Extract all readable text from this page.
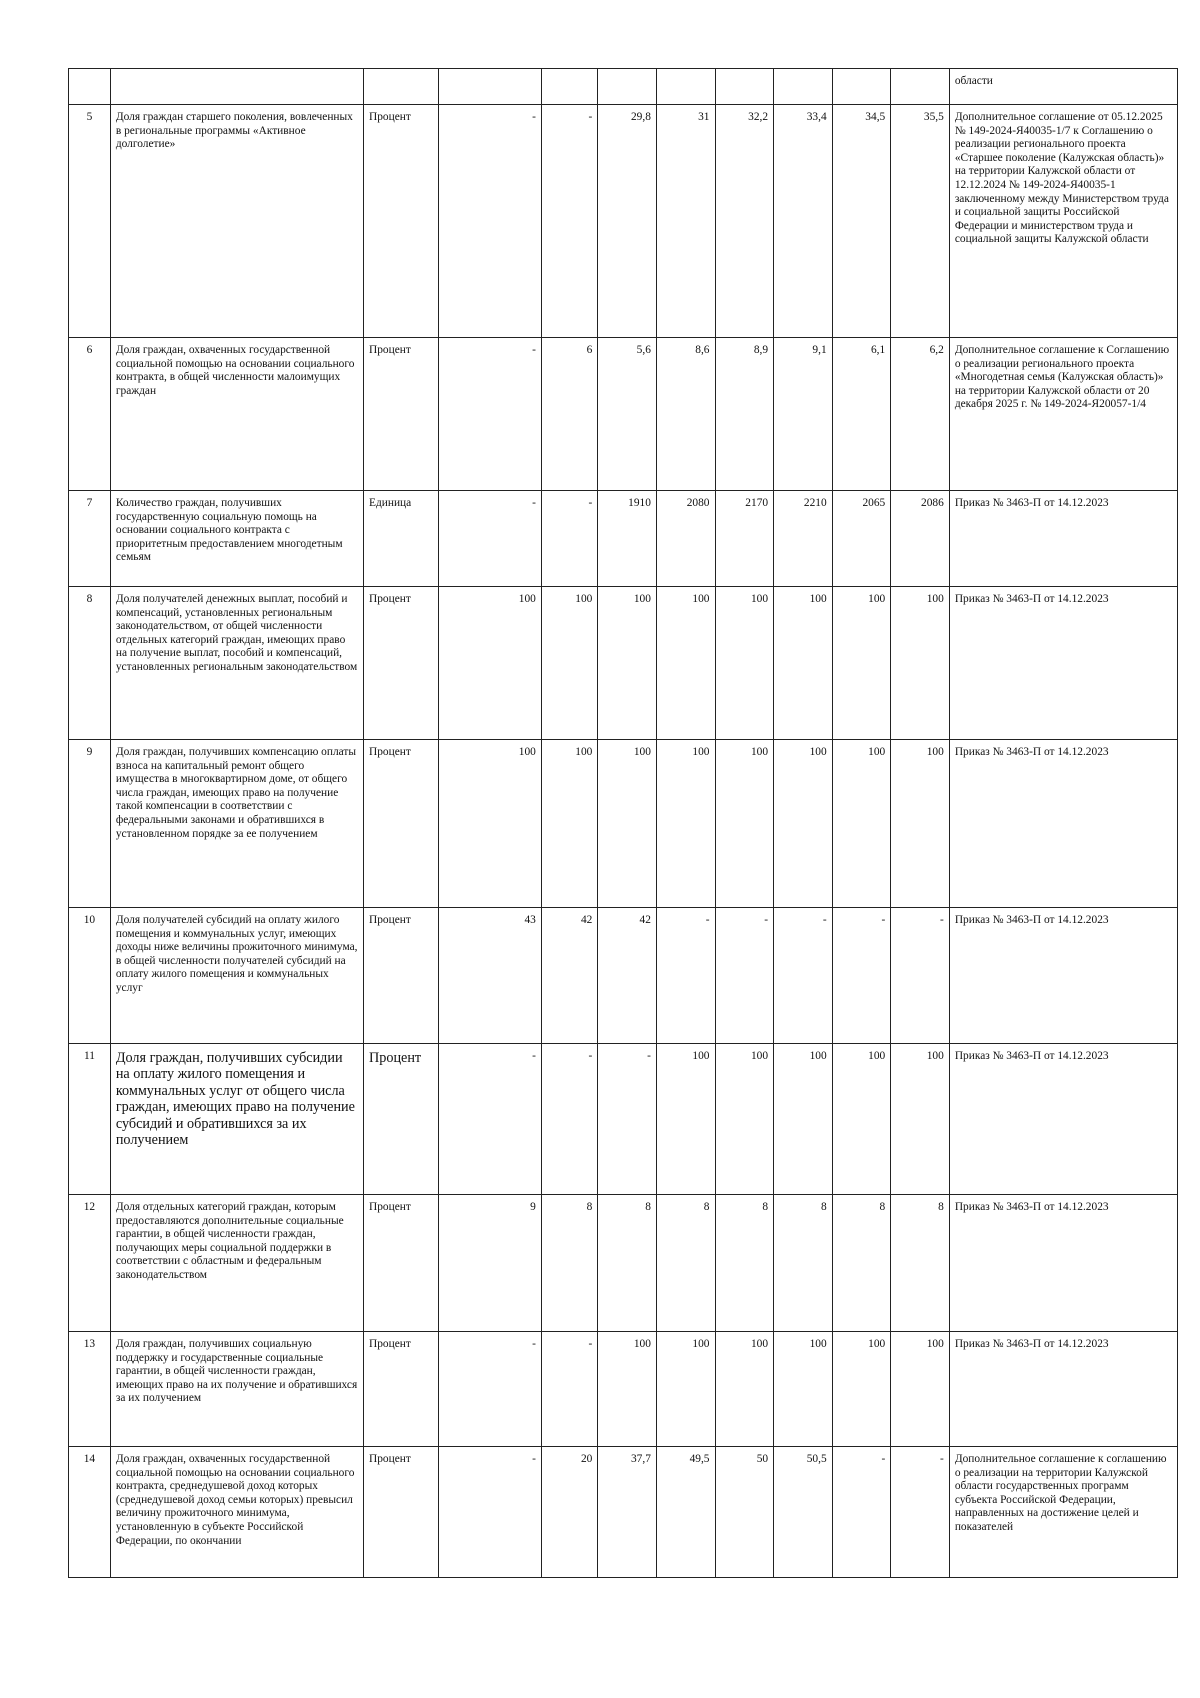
											области
5	Доля граждан старшего поколения, вовлеченных в региональные программы «Активное долголетие»	Процент	-	-	29,8	31	32,2	33,4	34,5	35,5	Дополнительное соглашение от 05.12.2025 № 149-2024-Я40035-1/7 к Соглашению о реализации регионального проекта «Старшее поколение (Калужская область)» на территории Калужской области от 12.12.2024 № 149-2024-Я40035-1 заключенному между Министерством труда и социальной защиты Российской Федерации и министерством труда и социальной защиты Калужской области
6	Доля граждан, охваченных государственной социальной помощью на основании социального контракта, в общей численности малоимущих граждан	Процент	-	6	5,6	8,6	8,9	9,1	6,1	6,2	Дополнительное соглашение к Соглашению о реализации регионального проекта «Многодетная семья (Калужская область)» на территории Калужской области от 20 декабря 2025 г. № 149-2024-Я20057-1/4
7	Количество граждан, получивших государственную социальную помощь на основании социального контракта с приоритетным предоставлением многодетным семьям	Единица	-	-	1910	2080	2170	2210	2065	2086	Приказ № 3463-П от 14.12.2023
8	Доля получателей денежных выплат, пособий и компенсаций, установленных региональным законодательством, от общей численности отдельных категорий граждан, имеющих право на получение выплат, пособий и компенсаций, установленных региональным законодательством	Процент	100	100	100	100	100	100	100	100	Приказ № 3463-П от 14.12.2023
9	Доля граждан, получивших компенсацию оплаты взноса на капитальный ремонт общего имущества в многоквартирном доме, от общего числа граждан, имеющих право на получение такой компенсации в соответствии с федеральными законами и обратившихся в установленном порядке за ее получением	Процент	100	100	100	100	100	100	100	100	Приказ № 3463-П от 14.12.2023
10	Доля получателей субсидий на оплату жилого помещения и коммунальных услуг, имеющих доходы ниже величины прожиточного минимума, в общей численности получателей субсидий на оплату жилого помещения и коммунальных услуг	Процент	43	42	42	-	-	-	-	-	Приказ № 3463-П от 14.12.2023
11	Доля граждан, получивших субсидии на оплату жилого помещения и коммунальных услуг от общего числа граждан, имеющих право на получение субсидий и обратившихся за их получением	Процент	-	-	-	100	100	100	100	100	Приказ № 3463-П от 14.12.2023
12	Доля отдельных категорий граждан, которым предоставляются дополнительные социальные гарантии, в общей численности граждан, получающих меры социальной поддержки в соответствии с областным и федеральным законодательством	Процент	9	8	8	8	8	8	8	8	Приказ № 3463-П от 14.12.2023
13	Доля граждан, получивших социальную поддержку и государственные социальные гарантии, в общей численности граждан, имеющих право на их получение и обратившихся за их получением	Процент	-	-	100	100	100	100	100	100	Приказ № 3463-П от 14.12.2023
14	Доля граждан, охваченных государственной социальной помощью на основании социального контракта, среднедушевой доход которых (среднедушевой доход семьи которых) превысил величину прожиточного минимума, установленную в субъекте Российской Федерации, по окончании	Процент	-	20	37,7	49,5	50	50,5	-	-	Дополнительное соглашение к соглашению о реализации на территории Калужской области государственных программ субъекта Российской Федерации, направленных на достижение целей и показателей
